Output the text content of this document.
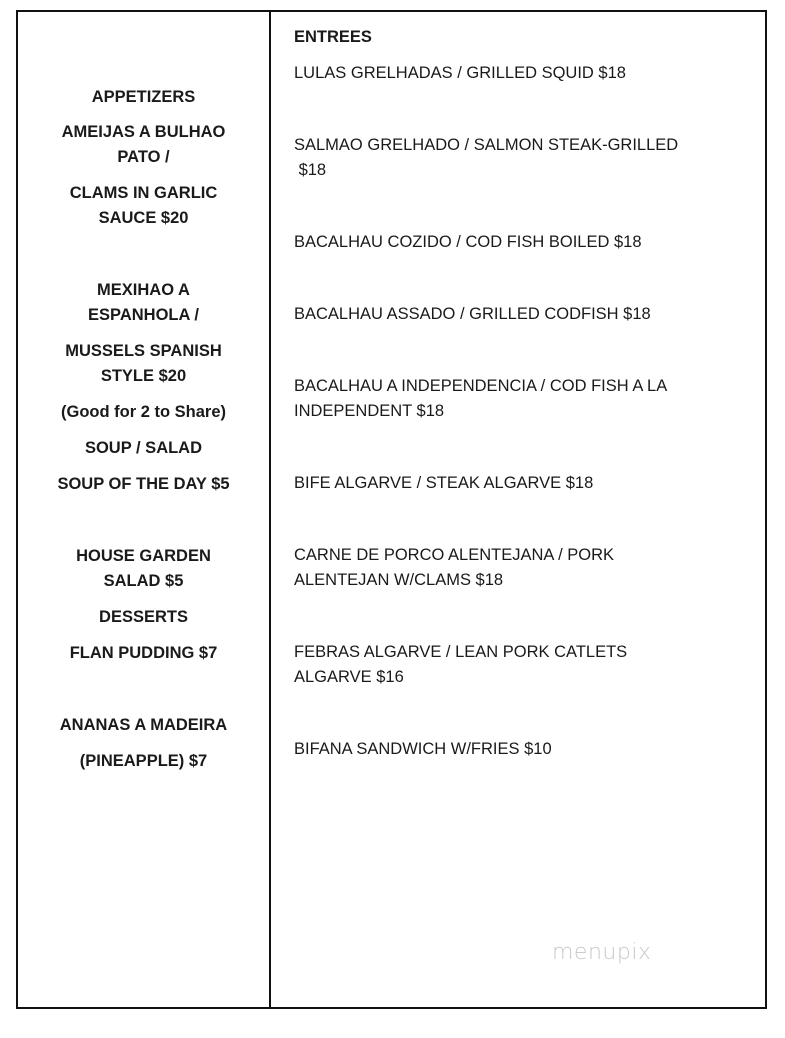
APPETIZERS
AMEIJAS A BULHAO
PATO /
CLAMS IN GARLIC
SAUCE $20
MEXIHAO A
ESPANHOLA /
MUSSELS SPANISH
STYLE $20
(Good for 2 to Share)
SOUP / SALAD
SOUP OF THE DAY $5
HOUSE GARDEN
SALAD $5
DESSERTS
FLAN PUDDING $7
ANANAS A MADEIRA
(PINEAPPLE) $7
ENTREES
LULAS GRELHADAS / GRILLED SQUID $18
SALMAO GRELHADO / SALMON STEAK-GRILLED
$18
BACALHAU COZIDO / COD FISH BOILED $18
BACALHAU ASSADO / GRILLED CODFISH $18
BACALHAU A INDEPENDENCIA / COD FISH A LA
INDEPENDENT $18
BIFE ALGARVE / STEAK ALGARVE $18
CARNE DE PORCO ALENTEJANA / PORK
ALENTEJAN W/CLAMS $18
FEBRAS ALGARVE / LEAN PORK CATLETS
ALGARVE $16
BIFANA SANDWICH W/FRIES $10
menupix
